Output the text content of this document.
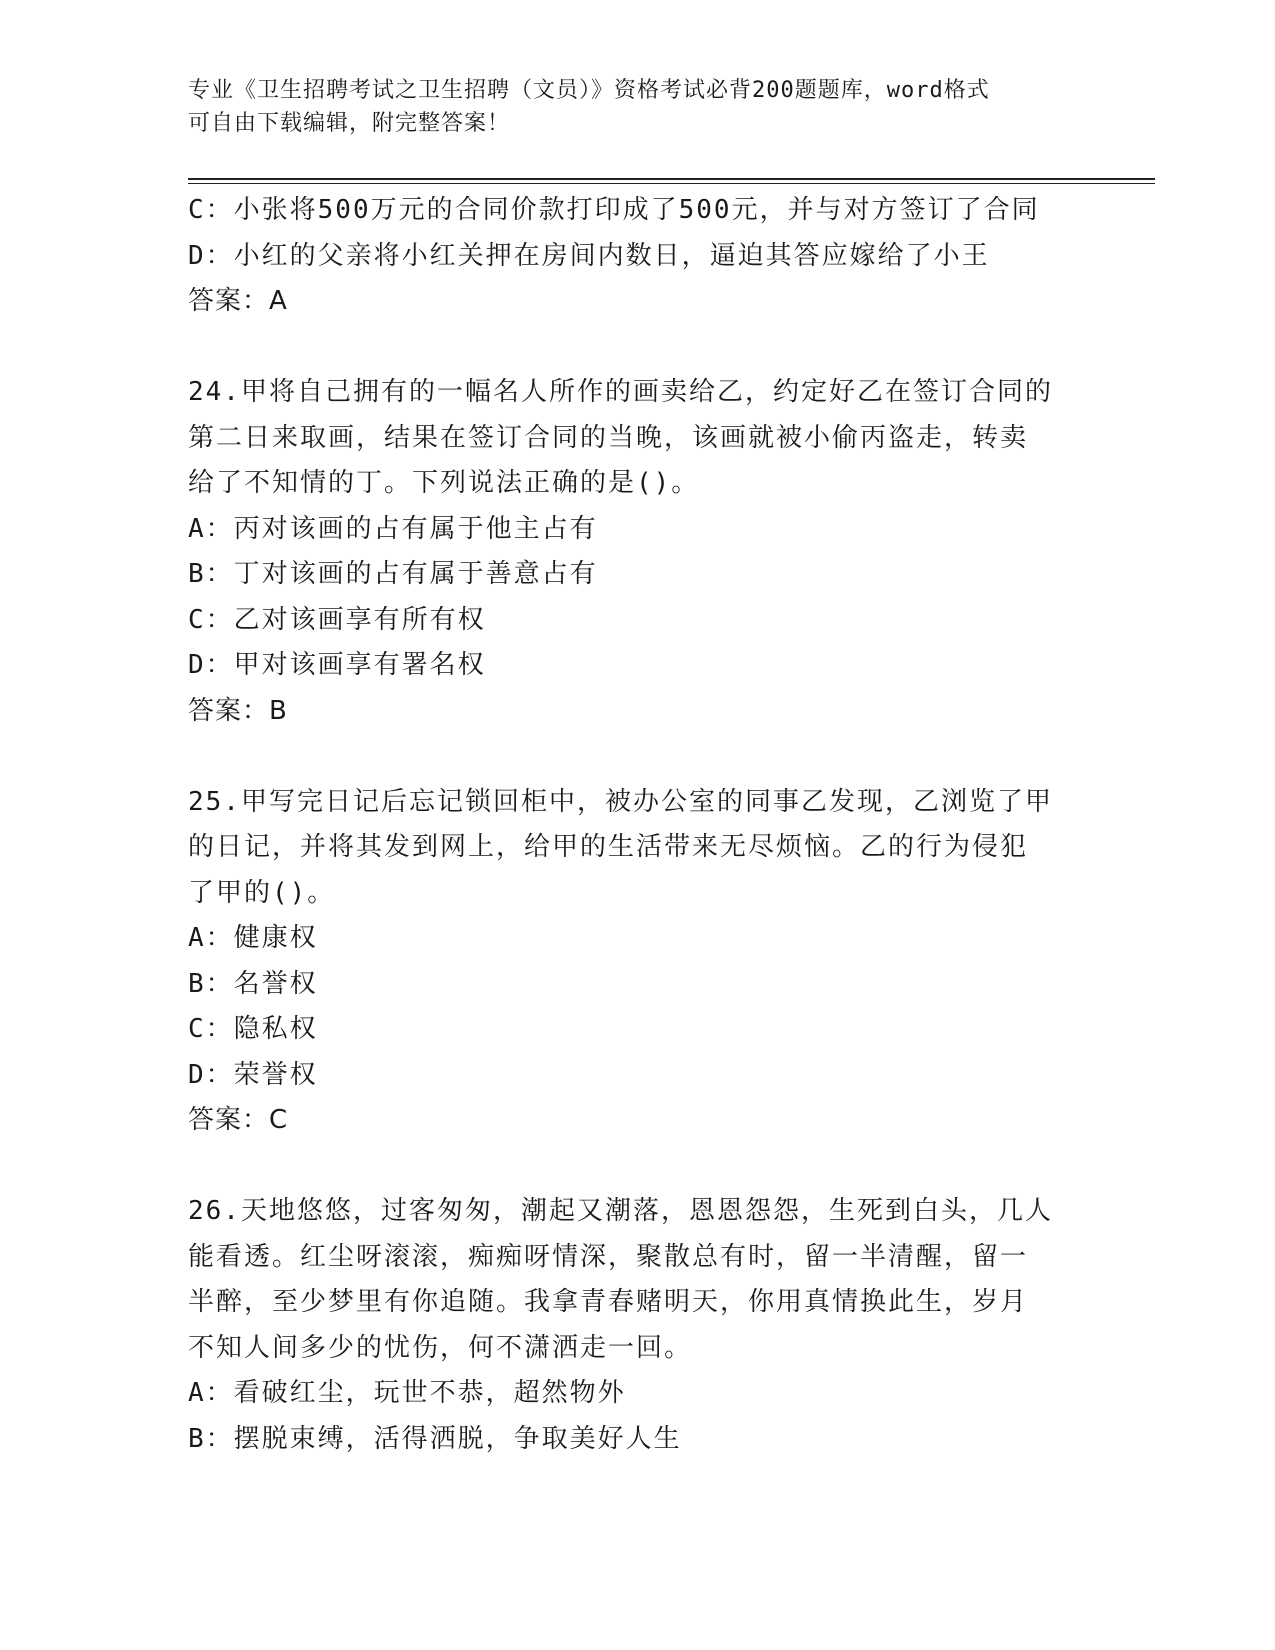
专业《卫生招聘考试之卫生招聘（文员）》资格考试必背200题题库，word格式
可自由下载编辑，附完整答案！
C：小张将500万元的合同价款打印成了500元，并与对方签订了合同
D：小红的父亲将小红关押在房间内数日，逼迫其答应嫁给了小王
答案：A
24.甲将自己拥有的一幅名人所作的画卖给乙，约定好乙在签订合同的
第二日来取画，结果在签订合同的当晚，该画就被小偷丙盗走，转卖
给了不知情的丁。下列说法正确的是()。
A：丙对该画的占有属于他主占有
B：丁对该画的占有属于善意占有
C：乙对该画享有所有权
D：甲对该画享有署名权
答案：B
25.甲写完日记后忘记锁回柜中，被办公室的同事乙发现，乙浏览了甲
的日记，并将其发到网上，给甲的生活带来无尽烦恼。乙的行为侵犯
了甲的()。
A：健康权
B：名誉权
C：隐私权
D：荣誉权
答案：C
26.天地悠悠，过客匆匆，潮起又潮落，恩恩怨怨，生死到白头，几人
能看透。红尘呀滚滚，痴痴呀情深，聚散总有时，留一半清醒，留一
半醉，至少梦里有你追随。我拿青春赌明天，你用真情换此生，岁月
不知人间多少的忧伤，何不潇洒走一回。
A：看破红尘，玩世不恭，超然物外
B：摆脱束缚，活得洒脱，争取美好人生
